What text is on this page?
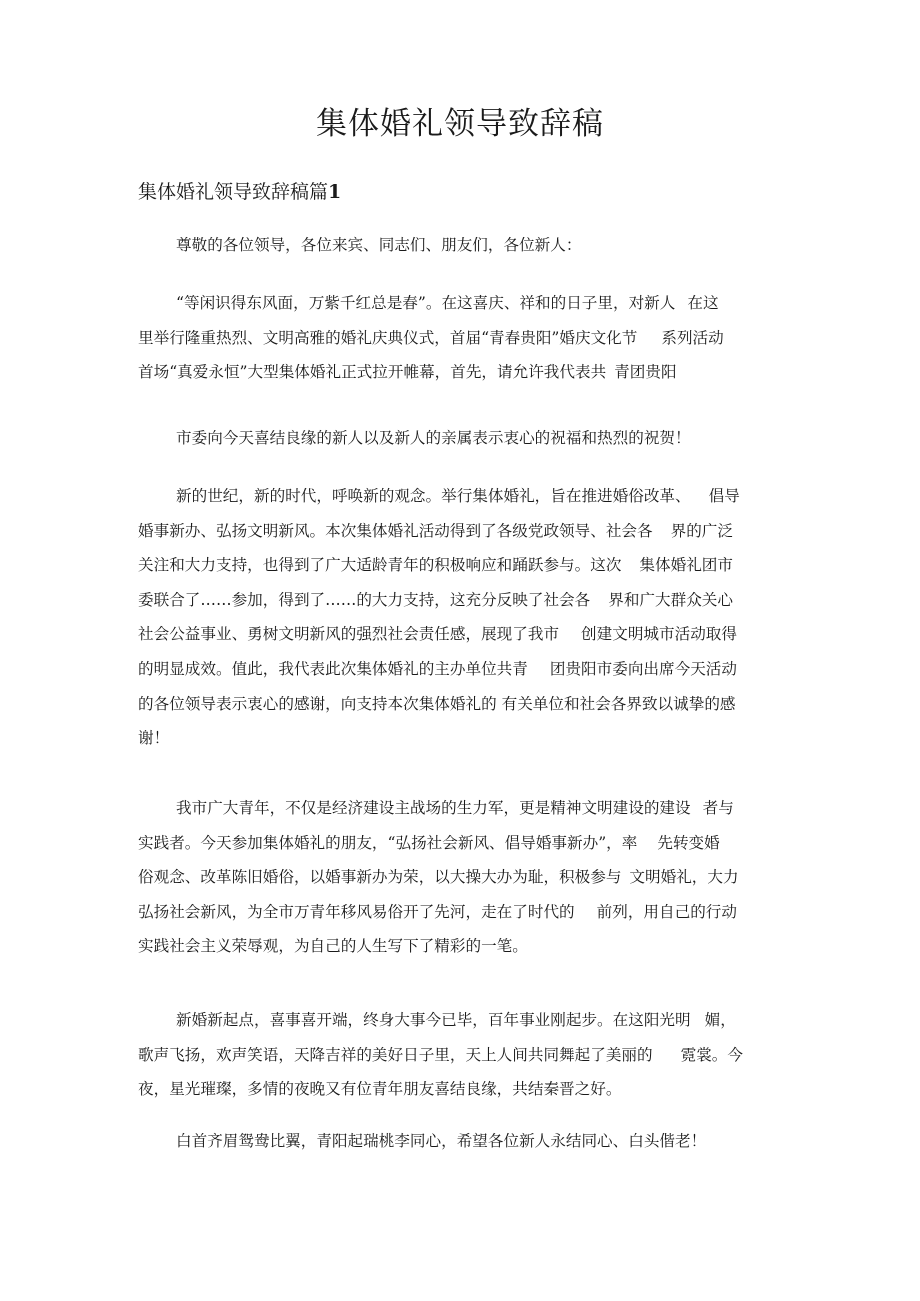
集体婚礼领导致辞稿
集体婚礼领导致辞稿篇1

尊敬的各位领导，各位来宾、同志们、朋友们，各位新人：

“等闲识得东风面，万紫千红总是春”。在这喜庆、祥和的日子里，对新人 在这
里举行隆重热烈、文明高雅的婚礼庆典仪式，首届“青春贵阳”婚庆文化节 系列活动
首场“真爱永恒”大型集体婚礼正式拉开帷幕，首先，请允许我代表共 青团贵阳

市委向今天喜结良缘的新人以及新人的亲属表示衷心的祝福和热烈的祝贺！

新的世纪，新的时代，呼唤新的观念。举行集体婚礼，旨在推进婚俗改革、 倡导
婚事新办、弘扬文明新风。本次集体婚礼活动得到了各级党政领导、社会各 界的广泛
关注和大力支持，也得到了广大适龄青年的积极响应和踊跃参与。这次 集体婚礼团市
委联合了……参加，得到了……的大力支持，这充分反映了社会各 界和广大群众关心
社会公益事业、勇树文明新风的强烈社会责任感，展现了我市 创建文明城市活动取得
的明显成效。值此，我代表此次集体婚礼的主办单位共青 团贵阳市委向出席今天活动
的各位领导表示衷心的感谢，向支持本次集体婚礼的 有关单位和社会各界致以诚挚的感
谢！

我市广大青年，不仅是经济建设主战场的生力军，更是精神文明建设的建设 者与
实践者。今天参加集体婚礼的朋友，“弘扬社会新风、倡导婚事新办”，率 先转变婚
俗观念、改革陈旧婚俗，以婚事新办为荣，以大操大办为耻，积极参与 文明婚礼，大力
弘扬社会新风，为全市万青年移风易俗开了先河，走在了时代的 前列，用自己的行动
实践社会主义荣辱观，为自己的人生写下了精彩的一笔。

新婚新起点，喜事喜开端，终身大事今已毕，百年事业刚起步。在这阳光明 媚，
歌声飞扬，欢声笑语，天降吉祥的美好日子里，天上人间共同舞起了美丽的 霓裳。今
夜，星光璀璨，多情的夜晚又有位青年朋友喜结良缘，共结秦晋之好。

白首齐眉鸳鸯比翼，青阳起瑞桃李同心，希望各位新人永结同心、白头偕老！
